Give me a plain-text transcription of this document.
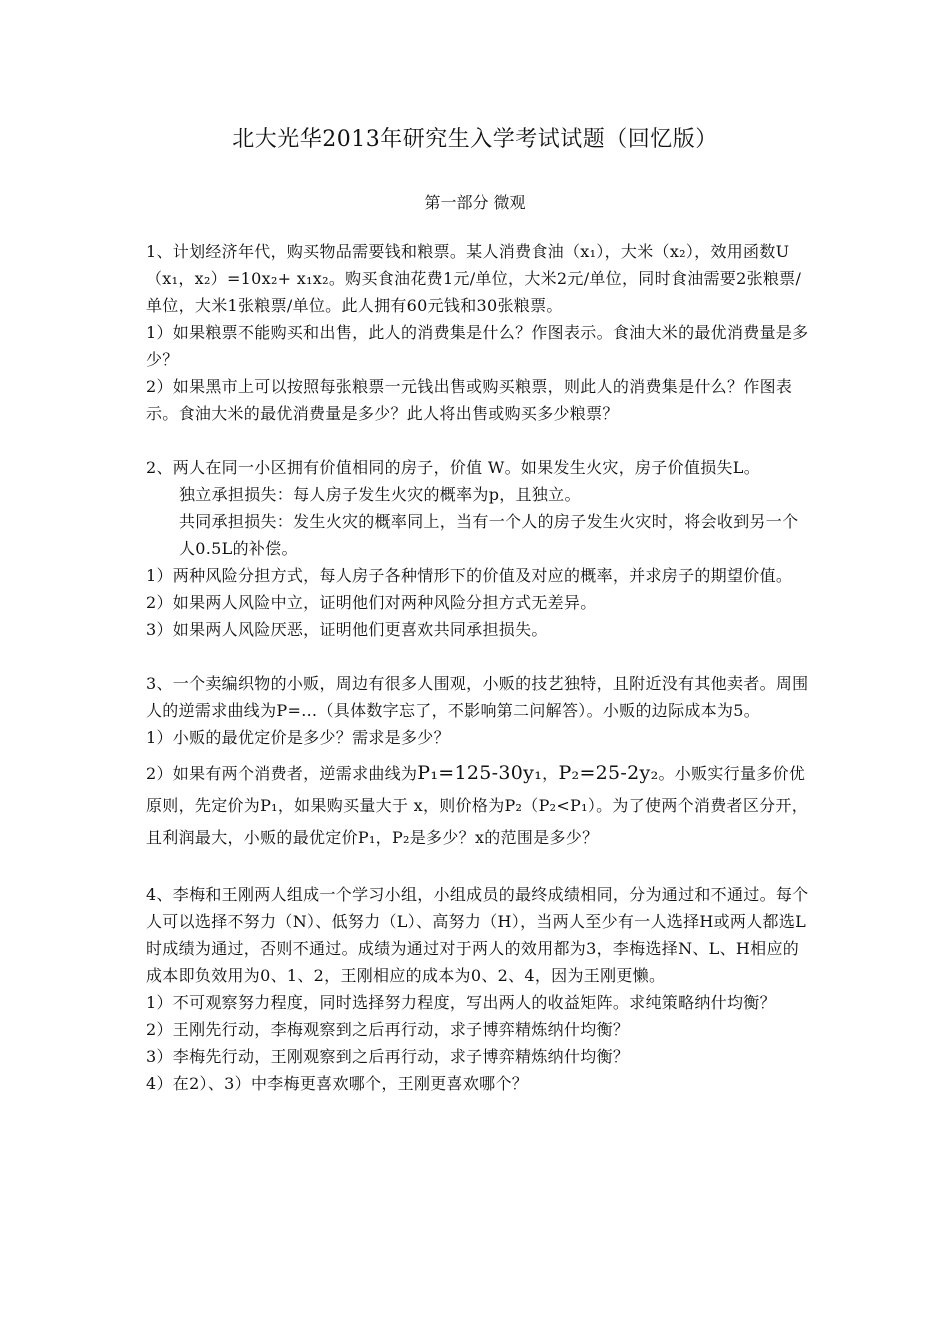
北大光华2013年研究生入学考试试题（回忆版）
第一部分 微观

1、计划经济年代，购买物品需要钱和粮票。某人消费食油（x₁），大米（x₂），效用函数U（x₁，x₂）=10x₂+ x₁x₂。购买食油花费1元/单位，大米2元/单位，同时食油需要2张粮票/单位，大米1张粮票/单位。此人拥有60元钱和30张粮票。

1）如果粮票不能购买和出售，此人的消费集是什么？作图表示。食油大米的最优消费量是多少？

2）如果黑市上可以按照每张粮票一元钱出售或购买粮票，则此人的消费集是什么？作图表示。食油大米的最优消费量是多少？此人将出售或购买多少粮票？

2、两人在同一小区拥有价值相同的房子，价值 W。如果发生火灾，房子价值损失L。

独立承担损失：每人房子发生火灾的概率为p，且独立。

共同承担损失：发生火灾的概率同上，当有一个人的房子发生火灾时，将会收到另一个人0.5L的补偿。

1）两种风险分担方式，每人房子各种情形下的价值及对应的概率，并求房子的期望价值。

2）如果两人风险中立，证明他们对两种风险分担方式无差异。

3）如果两人风险厌恶，证明他们更喜欢共同承担损失。

3、一个卖编织物的小贩，周边有很多人围观，小贩的技艺独特，且附近没有其他卖者。周围人的逆需求曲线为P=…（具体数字忘了，不影响第二问解答）。小贩的边际成本为5。

1）小贩的最优定价是多少？需求是多少？

2）如果有两个消费者，逆需求曲线为P₁=125-30y₁，P₂=25-2y₂。小贩实行量多价优原则，先定价为P₁，如果购买量大于 x，则价格为P₂（P₂<P₁）。为了使两个消费者区分开，且利润最大，小贩的最优定价P₁，P₂是多少？x的范围是多少？

4、李梅和王刚两人组成一个学习小组，小组成员的最终成绩相同，分为通过和不通过。每个人可以选择不努力（N）、低努力（L）、高努力（H），当两人至少有一人选择H或两人都选L时成绩为通过，否则不通过。成绩为通过对于两人的效用都为3，李梅选择N、L、H相应的成本即负效用为0、1、2，王刚相应的成本为0、2、4，因为王刚更懒。

1）不可观察努力程度，同时选择努力程度，写出两人的收益矩阵。求纯策略纳什均衡？

2）王刚先行动，李梅观察到之后再行动，求子博弈精炼纳什均衡？

3）李梅先行动，王刚观察到之后再行动，求子博弈精炼纳什均衡？

4）在2）、3）中李梅更喜欢哪个，王刚更喜欢哪个？
